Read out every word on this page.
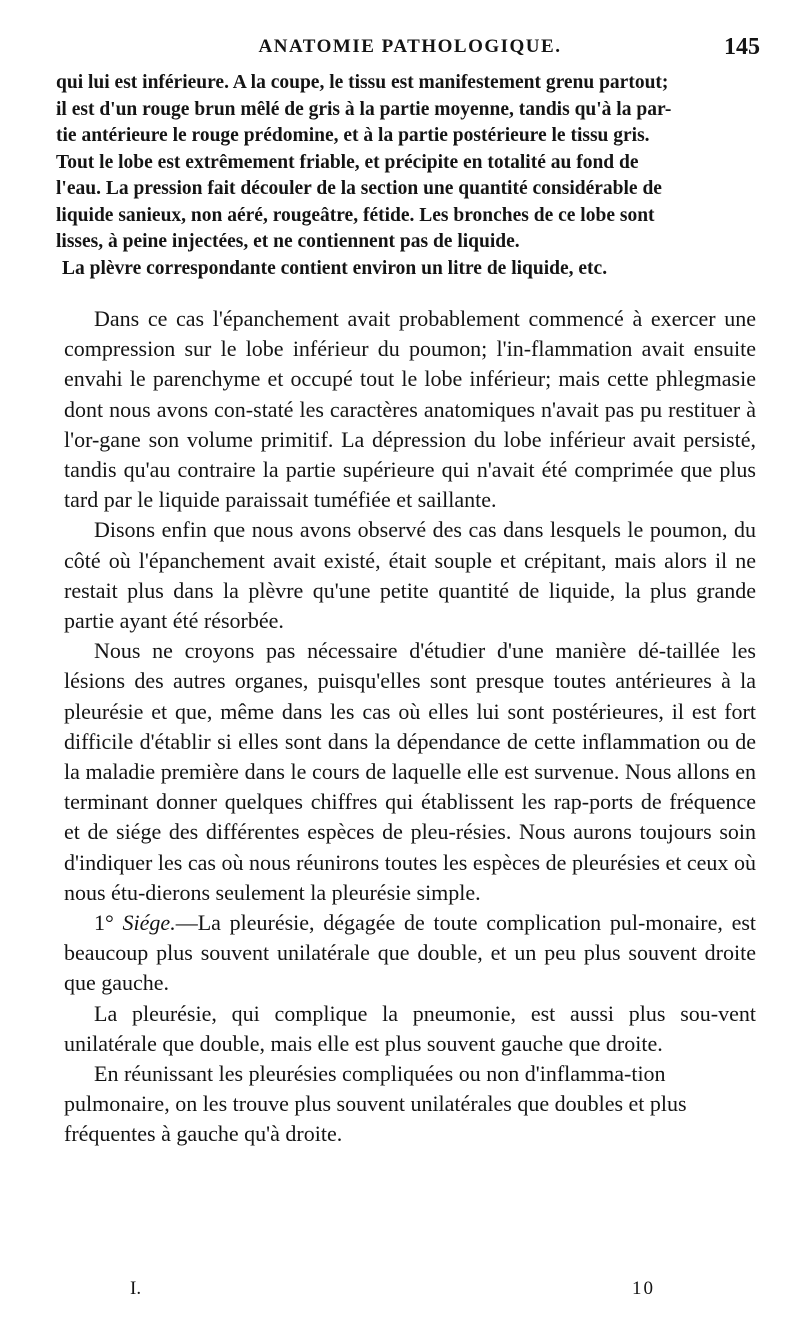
ANATOMIE PATHOLOGIQUE.	145

qui lui est inférieure. A la coupe, le tissu est manifestement grenu partout;

il est d'un rouge brun mêlé de gris à la partie moyenne, tandis qu'à la par-

tie antérieure le rouge prédomine, et à la partie postérieure le tissu gris.

Tout le lobe est extrêmement friable, et précipite en totalité au fond de

l'eau. La pression fait découler de la section une quantité considérable de

liquide sanieux, non aéré, rougeâtre, fétide. Les bronches de ce lobe sont

lisses, à peine injectées, et ne contiennent pas de liquide.

La plèvre correspondante contient environ un litre de liquide, etc.

Dans ce cas l'épanchement avait probablement commencé à exercer une compression sur le lobe inférieur du poumon; l'in-flammation avait ensuite envahi le parenchyme et occupé tout le lobe inférieur; mais cette phlegmasie dont nous avons con-staté les caractères anatomiques n'avait pas pu restituer à l'or-gane son volume primitif. La dépression du lobe inférieur avait persisté, tandis qu'au contraire la partie supérieure qui n'avait été comprimée que plus tard par le liquide paraissait tuméfiée et saillante.

Disons enfin que nous avons observé des cas dans lesquels le poumon, du côté où l'épanchement avait existé, était souple et crépitant, mais alors il ne restait plus dans la plèvre qu'une petite quantité de liquide, la plus grande partie ayant été résorbée.

Nous ne croyons pas nécessaire d'étudier d'une manière dé-taillée les lésions des autres organes, puisqu'elles sont presque toutes antérieures à la pleurésie et que, même dans les cas où elles lui sont postérieures, il est fort difficile d'établir si elles sont dans la dépendance de cette inflammation ou de la maladie première dans le cours de laquelle elle est survenue. Nous allons en terminant donner quelques chiffres qui établissent les rap-ports de fréquence et de siége des différentes espèces de pleu-résies. Nous aurons toujours soin d'indiquer les cas où nous réunirons toutes les espèces de pleurésies et ceux où nous étu-dierons seulement la pleurésie simple.

1° Siége.—La pleurésie, dégagée de toute complication pul-monaire, est beaucoup plus souvent unilatérale que double, et un peu plus souvent droite que gauche.

La pleurésie, qui complique la pneumonie, est aussi plus sou-vent unilatérale que double, mais elle est plus souvent gauche que droite.

En réunissant les pleurésies compliquées ou non d'inflamma-tion pulmonaire, on les trouve plus souvent unilatérales que doubles et plus fréquentes à gauche qu'à droite.

I.	10
